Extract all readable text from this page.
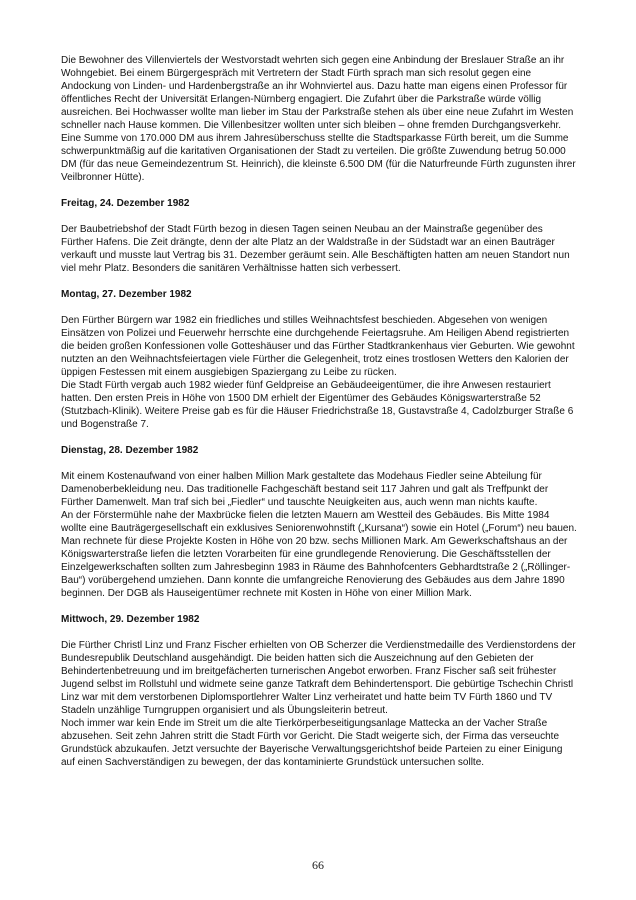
Die Bewohner des Villenviertels der Westvorstadt wehrten sich gegen eine Anbindung der Breslauer Straße an ihr Wohngebiet. Bei einem Bürgergespräch mit Vertretern der Stadt Fürth sprach man sich resolut gegen eine Andockung von Linden- und Hardenbergstraße an ihr Wohnviertel aus. Dazu hatte man eigens einen Professor für öffentliches Recht der Universität Erlangen-Nürnberg engagiert. Die Zufahrt über die Parkstraße würde völlig ausreichen. Bei Hochwasser wollte man lieber im Stau der Parkstraße stehen als über eine neue Zufahrt im Westen schneller nach Hause kommen. Die Villenbesitzer wollten unter sich bleiben – ohne fremden Durchgangsverkehr.

Eine Summe von 170.000 DM aus ihrem Jahresüberschuss stellte die Stadtsparkasse Fürth bereit, um die Summe schwerpunktmäßig auf die karitativen Organisationen der Stadt zu verteilen. Die größte Zuwendung betrug 50.000 DM (für das neue Gemeindezentrum St. Heinrich), die kleinste 6.500 DM (für die Naturfreunde Fürth zugunsten ihrer Veilbronner Hütte).

Freitag, 24. Dezember 1982

Der Baubetriebshof der Stadt Fürth bezog in diesen Tagen seinen Neubau an der Mainstraße gegenüber des Fürther Hafens. Die Zeit drängte, denn der alte Platz an der Waldstraße in der Südstadt war an einen Bauträger verkauft und musste laut Vertrag bis 31. Dezember geräumt sein. Alle Beschäftigten hatten am neuen Standort nun viel mehr Platz. Besonders die sanitären Verhältnisse hatten sich verbessert.

Montag, 27. Dezember 1982

Den Fürther Bürgern war 1982 ein friedliches und stilles Weihnachtsfest beschieden. Abgesehen von wenigen Einsätzen von Polizei und Feuerwehr herrschte eine durchgehende Feiertagsruhe. Am Heiligen Abend registrierten die beiden großen Konfessionen volle Gotteshäuser und das Fürther Stadtkrankenhaus vier Geburten. Wie gewohnt nutzten an den Weihnachtsfeiertagen viele Fürther die Gelegenheit, trotz eines trostlosen Wetters den Kalorien der üppigen Festessen mit einem ausgiebigen Spaziergang zu Leibe zu rücken.

Die Stadt Fürth vergab auch 1982 wieder fünf Geldpreise an Gebäudeeigentümer, die ihre Anwesen restauriert hatten. Den ersten Preis in Höhe von 1500 DM erhielt der Eigentümer des Gebäudes Königswarterstraße 52 (Stutzbach-Klinik). Weitere Preise gab es für die Häuser Friedrichstraße 18, Gustavstraße 4, Cadolzburger Straße 6 und Bogenstraße 7.

Dienstag, 28. Dezember 1982

Mit einem Kostenaufwand von einer halben Million Mark gestaltete das Modehaus Fiedler seine Abteilung für Damenoberbekleidung neu. Das traditionelle Fachgeschäft bestand seit 117 Jahren und galt als Treffpunkt der Fürther Damenwelt. Man traf sich bei „Fiedler“ und tauschte Neuigkeiten aus, auch wenn man nichts kaufte.

An der Förstermühle nahe der Maxbrücke fielen die letzten Mauern am Westteil des Gebäudes. Bis Mitte 1984 wollte eine Bauträgergesellschaft ein exklusives Seniorenwohnstift („Kursana“) sowie ein Hotel („Forum“) neu bauen. Man rechnete für diese Projekte Kosten in Höhe von 20 bzw. sechs Millionen Mark. Am Gewerkschaftshaus an der Königswarterstraße liefen die letzten Vorarbeiten für eine grundlegende Renovierung. Die Geschäftsstellen der Einzelgewerkschaften sollten zum Jahresbeginn 1983 in Räume des Bahnhofcenters Gebhardtstraße 2 („Röllinger-Bau“) vorübergehend umziehen. Dann konnte die umfangreiche Renovierung des Gebäudes aus dem Jahre 1890 beginnen. Der DGB als Hauseigentümer rechnete mit Kosten in Höhe von einer Million Mark.

Mittwoch, 29. Dezember 1982

Die Fürther Christl Linz und Franz Fischer erhielten von OB Scherzer die Verdienstmedaille des Verdienstordens der Bundesrepublik Deutschland ausgehändigt. Die beiden hatten sich die Auszeichnung auf den Gebieten der Behindertenbetreuung und im breitgefächerten turnerischen Angebot erworben. Franz Fischer saß seit frühester Jugend selbst im Rollstuhl und widmete seine ganze Tatkraft dem Behindertensport. Die gebürtige Tschechin Christl Linz war mit dem verstorbenen Diplomsportlehrer Walter Linz verheiratet und hatte beim TV Fürth 1860 und TV Stadeln unzählige Turngruppen organisiert und als Übungsleiterin betreut.

Noch immer war kein Ende im Streit um die alte Tierkörperbeseitigungsanlage Mattecka an der Vacher Straße abzusehen. Seit zehn Jahren stritt die Stadt Fürth vor Gericht. Die Stadt weigerte sich, der Firma das verseuchte Grundstück abzukaufen. Jetzt versuchte der Bayerische Verwaltungsgerichtshof beide Parteien zu einer Einigung auf einen Sachverständigen zu bewegen, der das kontaminierte Grundstück untersuchen sollte.

66
